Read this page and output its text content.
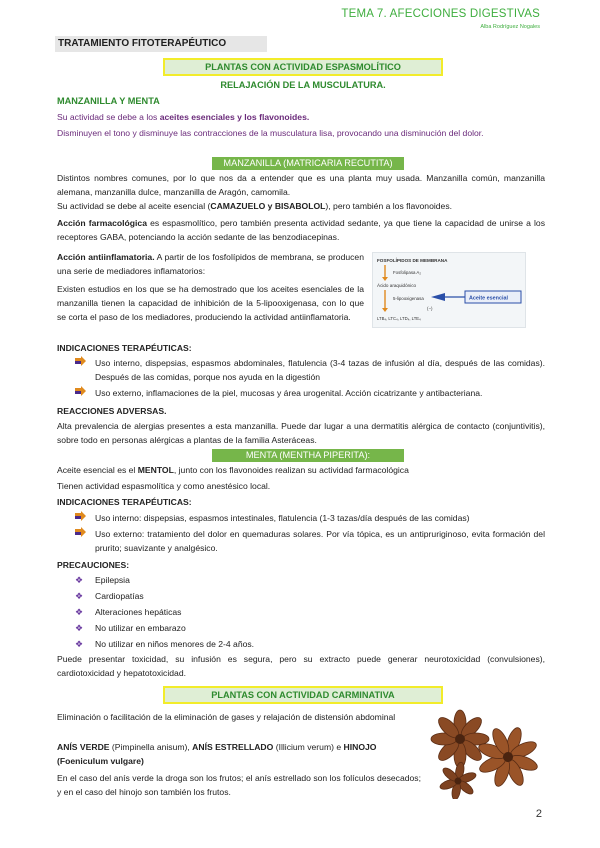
TEMA 7. AFECCIONES DIGESTIVAS
Alba Rodríguez Nogales
TRATAMIENTO FITOTERAPÉUTICO
PLANTAS CON ACTIVIDAD ESPASMOLÍTICO
RELAJACIÓN DE LA MUSCULATURA.
MANZANILLA Y MENTA
Su actividad se debe a los aceites esenciales y los flavonoides.
Disminuyen el tono y disminuye las contracciones de la musculatura lisa, provocando una disminución del dolor.
MANZANILLA (MATRICARIA RECUTITA)
Distintos nombres comunes, por lo que nos da a entender que es una planta muy usada. Manzanilla común, manzanilla alemana, manzanilla dulce, manzanilla de Aragón, camomila.
Su actividad se debe al aceite esencial (CAMAZUELO y BISABOLOL), pero también a los flavonoides.
Acción farmacológica es espasmolítico, pero también presenta actividad sedante, ya que tiene la capacidad de unirse a los receptores GABA, potenciando la acción sedante de las benzodiacepinas.
Acción antiinflamatoria. A partir de los fosfolípidos de membrana, se producen una serie de mediadores inflamatorios:
Existen estudios en los que se ha demostrado que los aceites esenciales de la manzanilla tienen la capacidad de inhibición de la 5-lipooxigenasa, con lo que se corta el paso de los mediadores, produciendo la actividad antiinflamatoria.
FOSFOLÍPIDOS DE MEMBRANA
Fosfolipasa A₂
Ácido araquidónico
5-lipooxigenasa
(−)
LTB₄, LTC₄, LTD₄, LTE₄
Aceite esencial
INDICACIONES TERAPÉUTICAS:
Uso interno, dispepsias, espasmos abdominales, flatulencia (3-4 tazas de infusión al día, después de las comidas). Después de las comidas, porque nos ayuda en la digestión
Uso externo, inflamaciones de la piel, mucosas y área urogenital. Acción cicatrizante y antibacteriana.
REACCIONES ADVERSAS.
Alta prevalencia de alergias presentes a esta manzanilla. Puede dar lugar a una dermatitis alérgica de contacto (conjuntivitis), sobre todo en personas alérgicas a plantas de la familia Asteráceas.
MENTA (MENTHA PIPERITA):
Aceite esencial es el MENTOL, junto con los flavonoides realizan su actividad farmacológica
Tienen actividad espasmolítica y como anestésico local.
INDICACIONES TERAPÉUTICAS:
Uso interno: dispepsias, espasmos intestinales, flatulencia (1-3 tazas/día después de las comidas)
Uso externo: tratamiento del dolor en quemaduras solares. Por vía tópica, es un antipruriginoso, evita formación del prurito; suavizante y analgésico.
PRECAUCIONES:
❖	Epilepsia
❖	Cardiopatías
❖	Alteraciones hepáticas
❖	No utilizar en embarazo
❖	No utilizar en niños menores de 2-4 años.
Puede presentar toxicidad, su infusión es segura, pero su extracto puede generar neurotoxicidad (convulsiones), cardiotoxicidad y hepatotoxicidad.
PLANTAS CON ACTIVIDAD CARMINATIVA
Eliminación o facilitación de la eliminación de gases y relajación de distensión abdominal
ANÍS VERDE (Pimpinella anisum), ANÍS ESTRELLADO (Illicium verum) e HINOJO (Foeniculum vulgare)
En el caso del anís verde la droga son los frutos; el anís estrellado son los folículos desecados; y en el caso del hinojo son también los frutos.
2
